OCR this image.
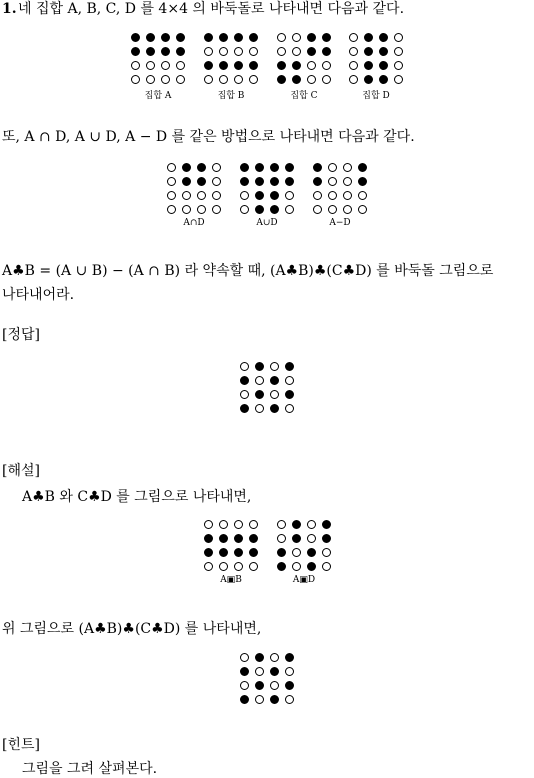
1. 네 집합 A, B, C, D 를 4×4 의 바둑돌로 나타내면 다음과 같다.
집합 A	집합 B	집합 C	집합 D
또, A ∩ D, A ∪ D, A − D 를 같은 방법으로 나타내면 다음과 같다.
A∩D	A∪D	A−D
A♣B = (A ∪ B) − (A ∩ B) 라 약속할 때, (A♣B)♣(C♣D) 를 바둑돌 그림으로
나타내어라.
[정답]
[해설]
A♣B 와 C♣D 를 그림으로 나타내면,
A▣B	A▣D
위 그림으로 (A♣B)♣(C♣D) 를 나타내면,
[힌트]
그림을 그려 살펴본다.
